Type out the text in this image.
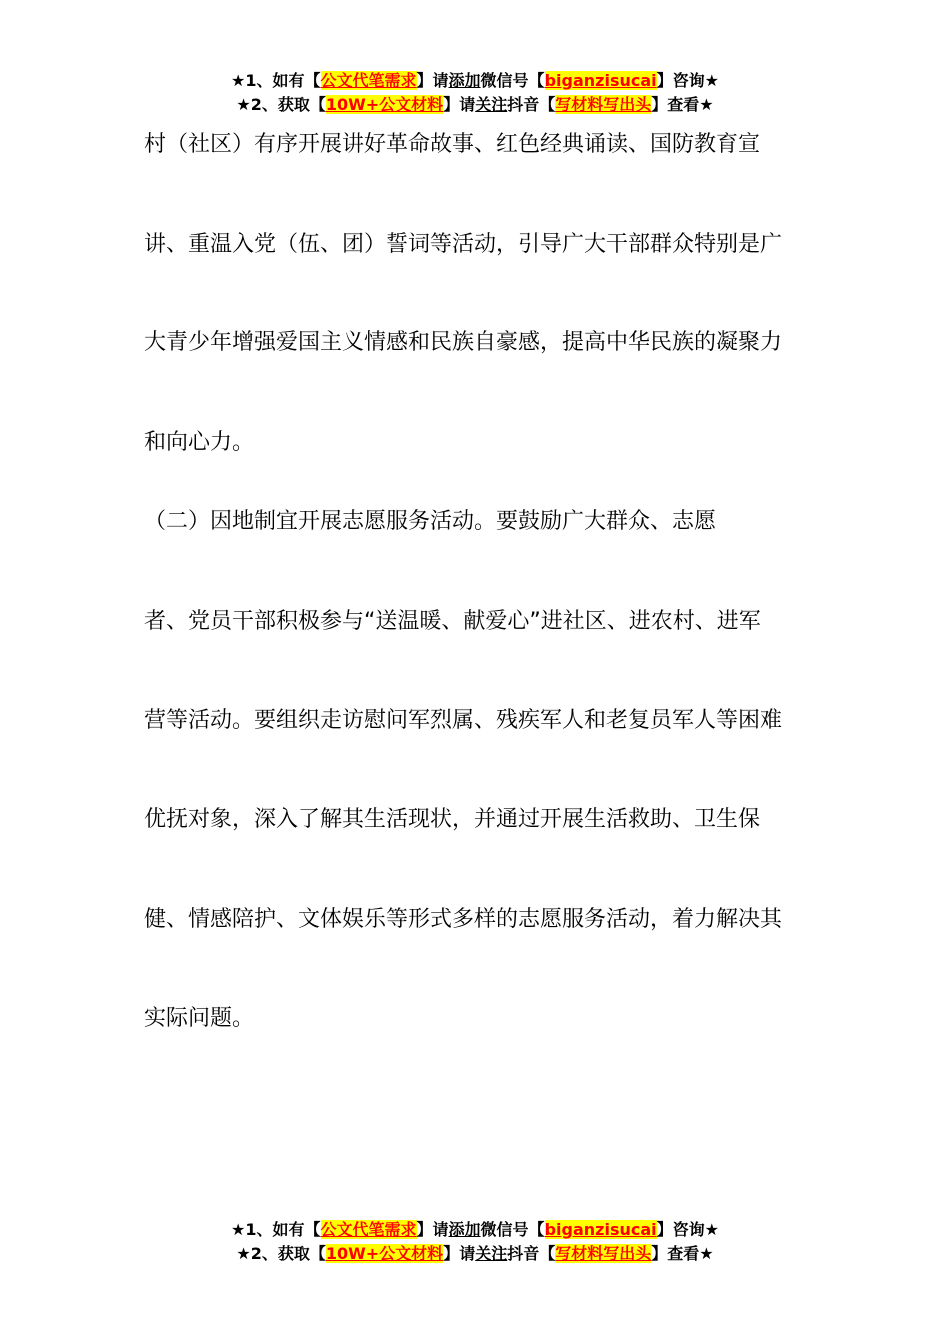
★1、如有【公文代笔需求】请添加微信号【biganzisucai】咨询★
★2、获取【10W+公文材料】请关注抖音【写材料写出头】查看★
村（社区）有序开展讲好革命故事、红色经典诵读、国防教育宣
讲、重温入党（伍、团）誓词等活动，引导广大干部群众特别是广
大青少年增强爱国主义情感和民族自豪感，提高中华民族的凝聚力
和向心力。
（二）因地制宜开展志愿服务活动。要鼓励广大群众、志愿
者、党员干部积极参与“送温暖、献爱心”进社区、进农村、进军
营等活动。要组织走访慰问军烈属、残疾军人和老复员军人等困难
优抚对象，深入了解其生活现状，并通过开展生活救助、卫生保
健、情感陪护、文体娱乐等形式多样的志愿服务活动，着力解决其
实际问题。
★1、如有【公文代笔需求】请添加微信号【biganzisucai】咨询★
★2、获取【10W+公文材料】请关注抖音【写材料写出头】查看★
